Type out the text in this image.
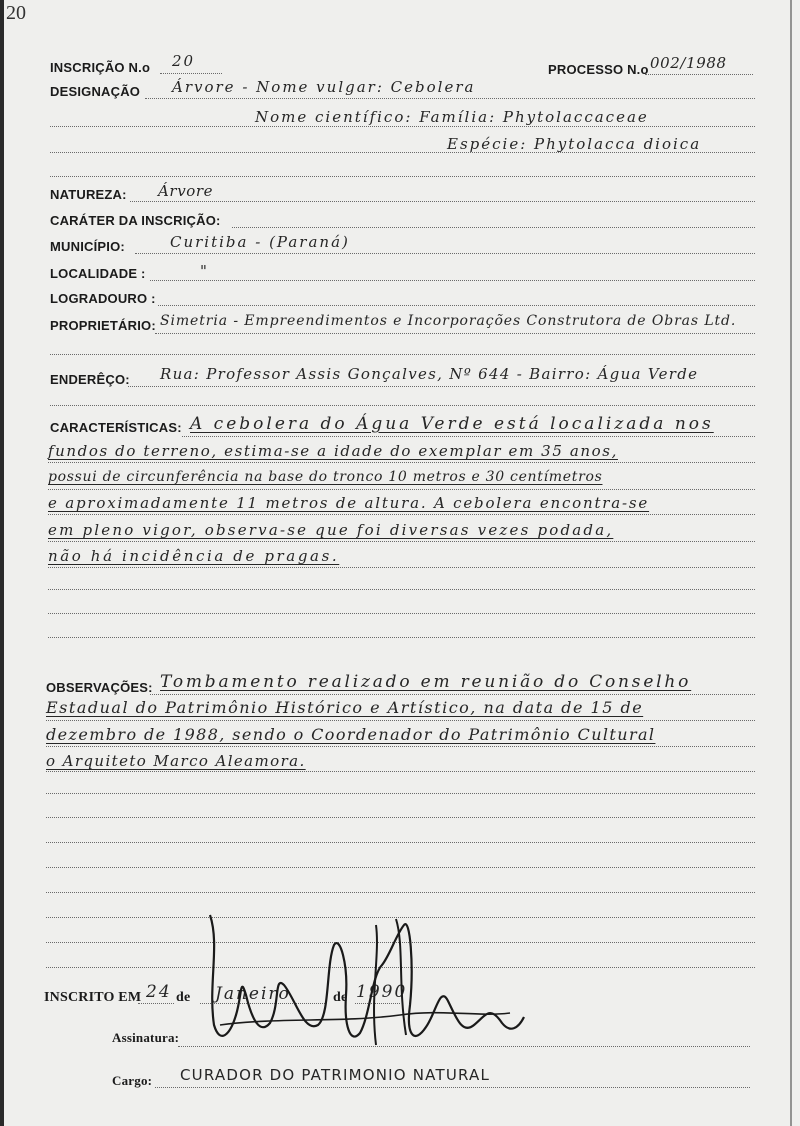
20
INSCRIÇÃO N.o 20	PROCESSO N.o 002/1988
DESIGNAÇÃO Árvore - Nome vulgar: Cebolera
Nome científico: Família: Phytolaccaceae
Espécie: Phytolacca dioica
NATUREZA: Árvore
CARÁTER DA INSCRIÇÃO:
MUNICÍPIO:	Curitiba - (Paraná)
LOCALIDADE :	"
LOGRADOURO :
PROPRIETÁRIO: Simetria - Empreendimentos e Incorporações Construtora de Obras Ltd.
ENDERÊÇO: Rua: Professor Assis Gonçalves, Nº 644 - Bairro: Água Verde
CARACTERÍSTICAS: A cebolera do Água Verde está localizada nos
fundos do terreno, estima-se a idade do exemplar em 35 anos,
possui de circunferência na base do tronco 10 metros e 30 centímetros
e aproximadamente 11 metros de altura. A cebolera encontra-se
em pleno vigor, observa-se que foi diversas vezes podada,
não há incidência de pragas.
OBSERVAÇÕES: Tombamento realizado em reunião do Conselho
Estadual do Patrimônio Histórico e Artístico, na data de 15 de
dezembro de 1988, sendo o Coordenador do Patrimônio Cultural
o Arquiteto Marco Aleamora.
INSCRITO EM 24 de Janeiro	de 1990
Assinatura:
Cargo: CURADOR DO PATRIMONIO NATURAL
